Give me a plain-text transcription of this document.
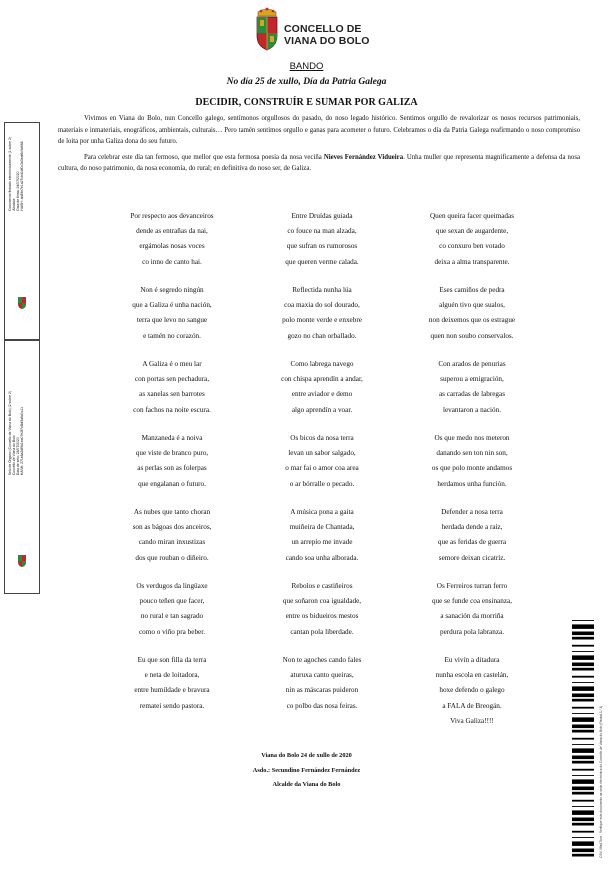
CONCELLO DE
VIANA DO BOLO
BANDO
No día 25 de xullo, Día da Patria Galega
DECIDIR, CONSTRUÍR E SUMAR POR GALIZA

Vivimos en Viana do Bolo, nun Concello galego, sentímonos orgullosos do pasado, do noso legado histórico. Sentimos orgullo de revalorizar os nosos recursos patrimoniais, materiais e inmateriais, enográficos, ambientais, culturais… Pero tamén sentimos orgullo e ganas para acometer o futuro. Celebramos o día da Patria Galega reafirmando o noso compromiso de loita por unha Galiza dona do seu futuro.

Para celebrar este día tan fermoso, que mellor que esta fermosa poesía da nosa veciña Nieves Fernández Vidueira. Unha muller que representa magnificamente a defensa da nosa cultura, do noso patrimonio, da nosa economía, do rural; en definitiva do noso ser, de Galiza.

Por respecto aos devanceiros
dende as entrañas da nai,
ergámolas nosas voces
co inno de canto hai.
Non é segredo ningún
que a Galiza é unha nación,
terra que levo no sangue
e tamén no corazón.
A Galiza é o meu lar
con portas sen pechadura,
as xanelas sen barrotes
con fachos na noite escura.
Manzaneda é a noiva
que viste de branco puro,
as perlas son as folerpas
que engalanan o futuro.
As nubes que tanto choran
son as bágoas dos anceiros,
cando miran inxustizas
dos que rouban o diñeiro.
Os verdugos da lingüaxe
pouco teñen que facer,
no rural e tan sagrado
como o viño pra beber.
Eu que son filla da terra
e neta de loitadora,
entre humildade e bravura
rematei sendo pastora.
Entre Druídas guiada
co fouce na man alzada,
que sufran os rumorosos
que queren verme calada.
Reflectida nunha lúa
coa maxia do sol dourado,
polo monte verde e enxebre
gozo no chan orballado.
Como labrega navego
con chispa aprendín a andar,
entre aviador e demo
algo aprendín a voar.
Os bicos da nosa terra
levan un sabor salgado,
o mar fai o amor coa area
o ar bórralle o pecado.
A música pona a gaita
muiñeira de Chantada,
un arrepío me invade
cando soa unha alborada.
Rebolos e castiñeiros
que soñaron coa igualdade,
entre os bidueiros mestos
cantan pola liberdade.
Non te agoches cando fales
aturuxa canto queiras,
nin as máscaras puideron
co polbo das nosa feiras.
Quen queira facer queimadas
que sexan de augardente,
co conxuro ben votado
deixa a alma transparente.
Eses camiños de pedra
alguén tivo que sualos,
non deixemos que os estrague
quen non soubo conservalos.
Con arados de penurias
superou a emigración,
as carradas de labregas
levantaron a nación.
Os que medo nos meteron
danando sen ton nin son,
os que polo monte andamos
herdamos unha función.
Defender a nosa terra
herdada dende a raíz,
que as feridas de guerra
semore deixan cicatriz.
Os Ferreiros turran ferro
que se funde coa ensinanza,
a sanación da morriña
perdura pola labranza.
Eu vivín a ditadura
nunha escola en castelán,
hoxe defendo o galego
a FALA de Breogán.
Viva Galiza!!!!
Viana do Bolo 24 de xullo de 2020
Asdo.: Secundino Fernández Fernández
Alcalde da Viana do Bolo
Documento firmado electrónicamente (1 sobre 2) Alcaldía Data de firma: 24/07/2020 HASH: ab89e7e1a27cb40df0c3d3eaf6c9d668
Selo de Órgano (Concello de Viana do Bolo) (2 sobre 2) Concello de Viana do Bolo Data de selo: 24/07/2020 HASH: 271e8a2df9b1ea07e2f7c8bf3a6d0c11
CSV: 98a47bce · Verifique este documento na sede electrónica do Concello de Viana do Bolo (Páxina 1 / 1)
